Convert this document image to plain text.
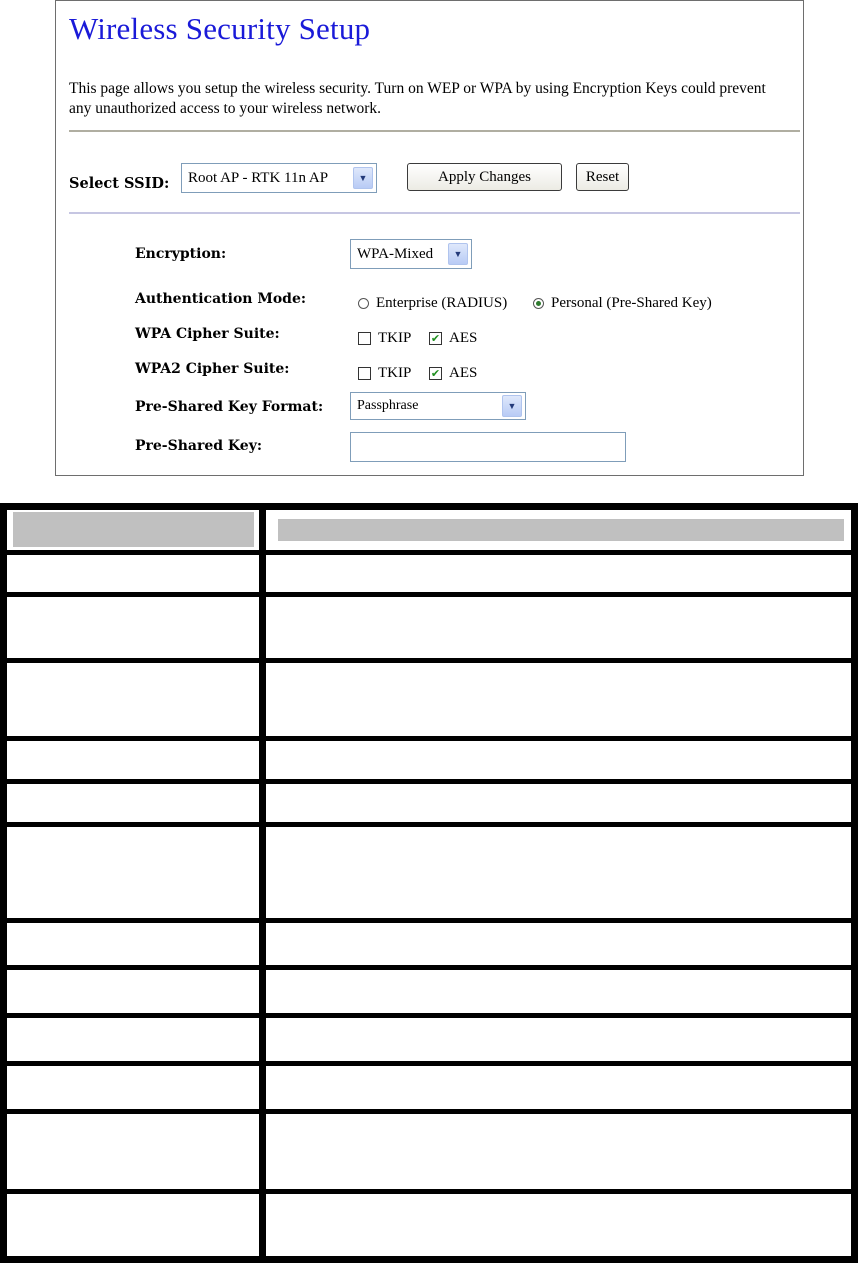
Wireless Security Setup
This page allows you setup the wireless security. Turn on WEP or WPA by using Encryption Keys could prevent any unauthorized access to your wireless network.
Select SSID: Root AP - RTK 11n AP	▼	Apply Changes	Reset
Encryption:	WPA-Mixed	▼
Authentication Mode:	Enterprise (RADIUS)	Personal (Pre-Shared Key)
WPA Cipher Suite:	TKIP ✔ AES
WPA2 Cipher Suite:	TKIP ✔ AES
Pre-Shared Key Format: Passphrase	▼
Pre-Shared Key:
